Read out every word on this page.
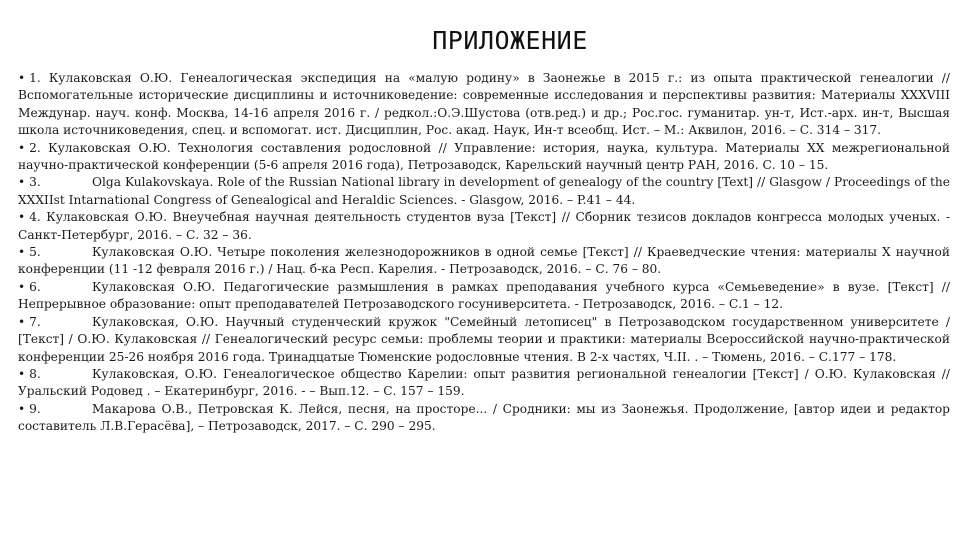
ПРИЛОЖЕНИЕ
• 1. Кулаковская О.Ю. Генеалогическая экспедиция на «малую родину» в Заонежье в 2015 г.: из опыта практической генеалогии // Вспомогательные исторические дисциплины и источниковедение: современные исследования и перспективы развития: Материалы XXXVIII Междунар. науч. конф. Москва, 14-16 апреля 2016 г. / редкол.:О.Э.Шустова (отв.ред.) и др.; Рос.гос. гуманитар. ун-т, Ист.-арх. ин-т, Высшая школа источниковедения, спец. и вспомогат. ист. Дисциплин, Рос. акад. Наук, Ин-т всеобщ. Ист. – М.: Аквилон, 2016. – С. 314 – 317.
• 2. Кулаковская О.Ю. Технология составления родословной // Управление: история, наука, культура. Материалы XX межрегиональной научно-практической конференции (5-6 апреля 2016 года), Петрозаводск, Карельский научный центр РАН, 2016. С. 10 – 15.
• 3.	Olga Kulakovskaya. Role of the Russian National library in development of genealogy of the country [Text] // Glasgow / Proceedings of the XXXIIst Intarnational Congress of Genealogical and Heraldic Sciences. - Glasgow, 2016. – P.41 – 44.
• 4. Кулаковская О.Ю. Внеучебная научная деятельность студентов вуза [Текст] // Сборник тезисов докладов конгресса молодых ученых. - Санкт-Петербург, 2016. – С. 32 – 36.
• 5.	Кулаковская О.Ю. Четыре поколения железнодорожников в одной семье [Текст] // Краеведческие чтения: материалы X научной конференции (11 -12 февраля 2016 г.) / Нац. б-ка Респ. Карелия. - Петрозаводск, 2016. – С. 76 – 80.
• 6.	Кулаковская О.Ю. Педагогические размышления в рамках преподавания учебного курса «Семьеведение» в вузе. [Текст] // Непрерывное образование: опыт преподавателей Петрозаводского госуниверситета. - Петрозаводск, 2016. – С.1 – 12.
• 7.	Кулаковская, О.Ю. Научный студенческий кружок "Семейный летописец" в Петрозаводском государственном университете / [Текст] / О.Ю. Кулаковская // Генеалогический ресурс семьи: проблемы теории и практики: материалы Всероссийской научно-практической конференции 25-26 ноября 2016 года. Тринадцатые Тюменские родословные чтения. В 2-х частях, Ч.II. . – Тюмень, 2016. – С.177 – 178.
• 8.	Кулаковская, О.Ю. Генеалогическое общество Карелии: опыт развития региональной генеалогии [Текст] / О.Ю. Кулаковская // Уральский Родовед . – Екатеринбург, 2016. - – Вып.12. – С. 157 – 159.
• 9.	Макарова О.В., Петровская К. Лейся, песня, на просторе... / Сродники: мы из Заонежья. Продолжение, [автор идеи и редактор составитель Л.В.Герасёва], – Петрозаводск, 2017. – С. 290 – 295.
